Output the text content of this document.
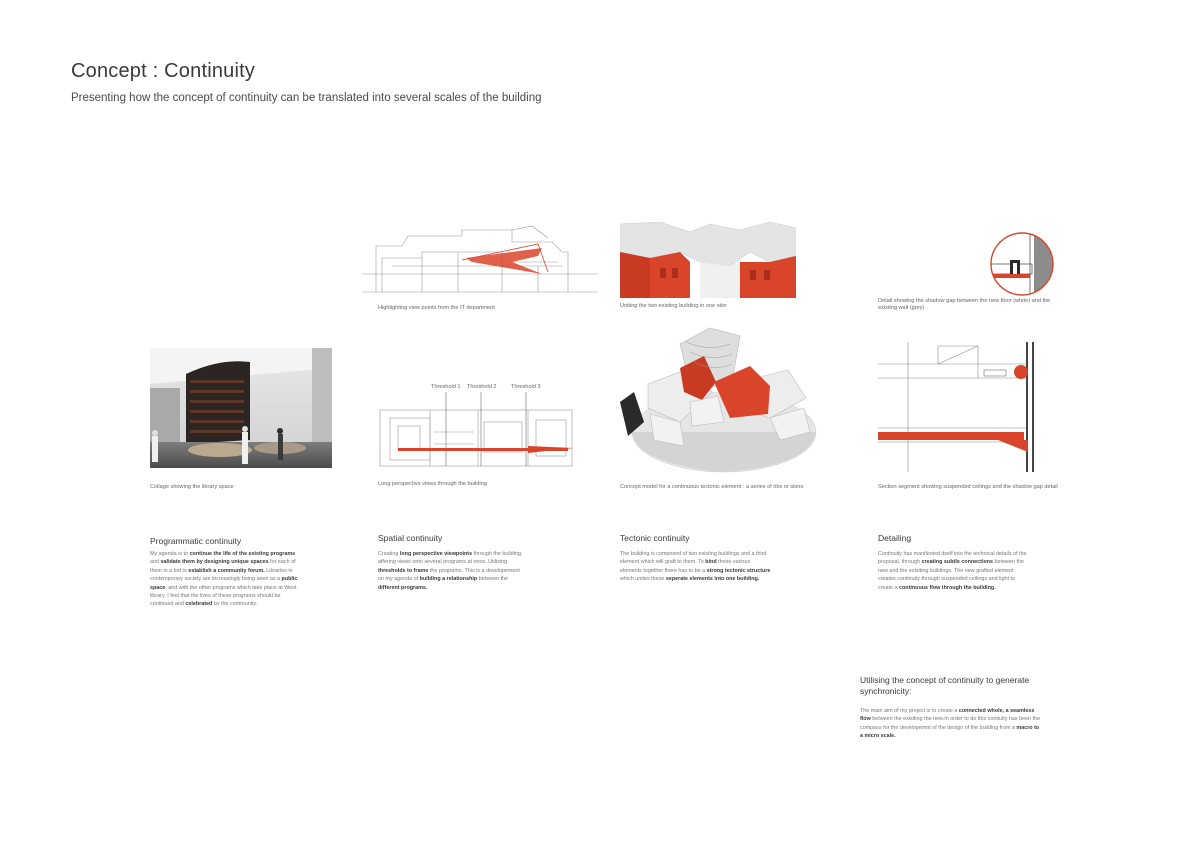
Concept : Continuity
Presenting how the concept of continuity can be translated into several scales of the building
Collage showing the library space
Highlighting view points from the IT department
Threshold 1 Threshold 2	Threshold 3
Long perspective views through the building
Uniting the two existing building in one skin
Concept model for a continuous tectonic element : a series of ribs or skins
Detail showing the shadow gap between the new floor (white) and the exisitng wall (grey)
Section segment showing suspended ceilings and the shadow gap detail
Programmatic continuity
My agenda is to continue the life of the existing programs and validate them by designing unique spaces for each of them in a bid to establish a community forum. Libraries in contemporary society are increasingly being seen as a public space, and with the other programs which take place at West library, I feel that the lives of these programs should be continued and celebrated by the community.
Spatial continuity
Creating long perspective viewpoints through the building, affering views onto several programs at once. Utilising thresholds to frame the programs. This is a developement on my agenda of building a relationship between the different programs.
Tectonic continuity
The building is comprised of two existing buildings and a third element which will graft to them. To bind these various elements together there has to be a strong tectonic structure which unites these seperate elements into one building.
Detailing
Continuity has manifested itself into the technical details of the proposal, through creating subtle connections between the new and the exisiting buildings. The new grafted element creates continuity through suspended ceilings and light to create a continuous flow through the building.
Utilising the concept of continuity to generate synchronicity:
The main aim of my project is to create a connected whole, a seamless flow between the exisiting the new.In order to do this contiuity has been the compass for the developemnt of the design of the building from a macro to a micro scale.
